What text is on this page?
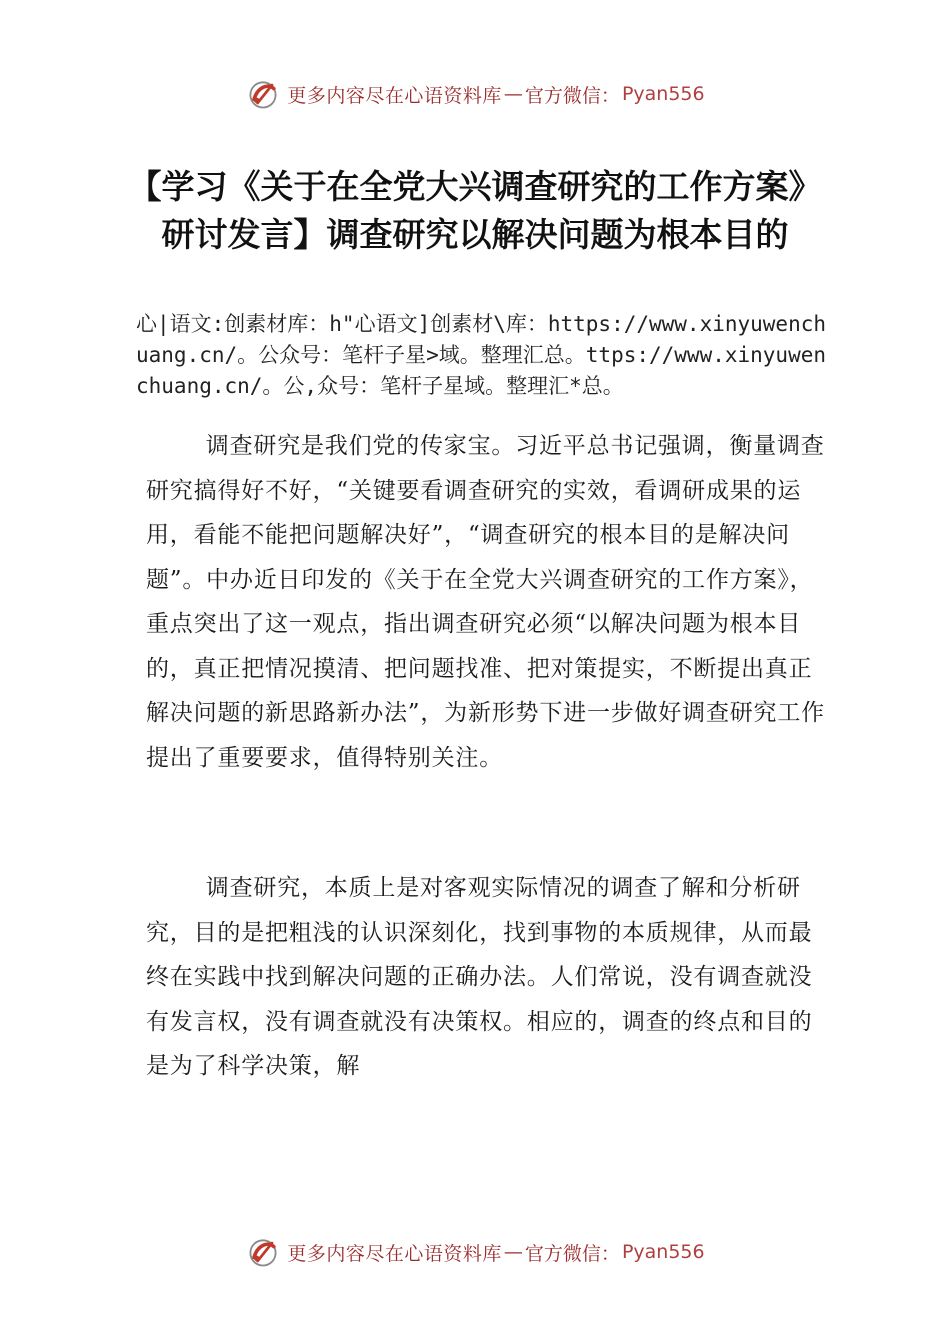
更多内容尽在心语资料库 — 官方微信： Pyan556
【学习《关于在全党大兴调查研究的工作方案》研讨发言】调查研究以解决问题为根本目的
心|语文:创素材库：h"心语文]创素材\库：https://www.xinyuwenchuang.cn/。公众号：笔杆子星>域。整理汇总。ttps://www.xinyuwenchuang.cn/。公,众号：笔杆子星域。整理汇*总。

调查研究是我们党的传家宝。习近平总书记强调，衡量调查研究搞得好不好，“关键要看调查研究的实效，看调研成果的运用，看能不能把问题解决好”，“调查研究的根本目的是解决问题”。中办近日印发的《关于在全党大兴调查研究的工作方案》，重点突出了这一观点，指出调查研究必须“以解决问题为根本目的，真正把情况摸清、把问题找准、把对策提实，不断提出真正解决问题的新思路新办法”，为新形势下进一步做好调查研究工作提出了重要要求，值得特别关注。

调查研究，本质上是对客观实际情况的调查了解和分析研究，目的是把粗浅的认识深刻化，找到事物的本质规律，从而最终在实践中找到解决问题的正确办法。人们常说，没有调查就没有发言权，没有调查就没有决策权。相应的，调查的终点和目的是为了科学决策，解

更多内容尽在心语资料库 — 官方微信： Pyan556
